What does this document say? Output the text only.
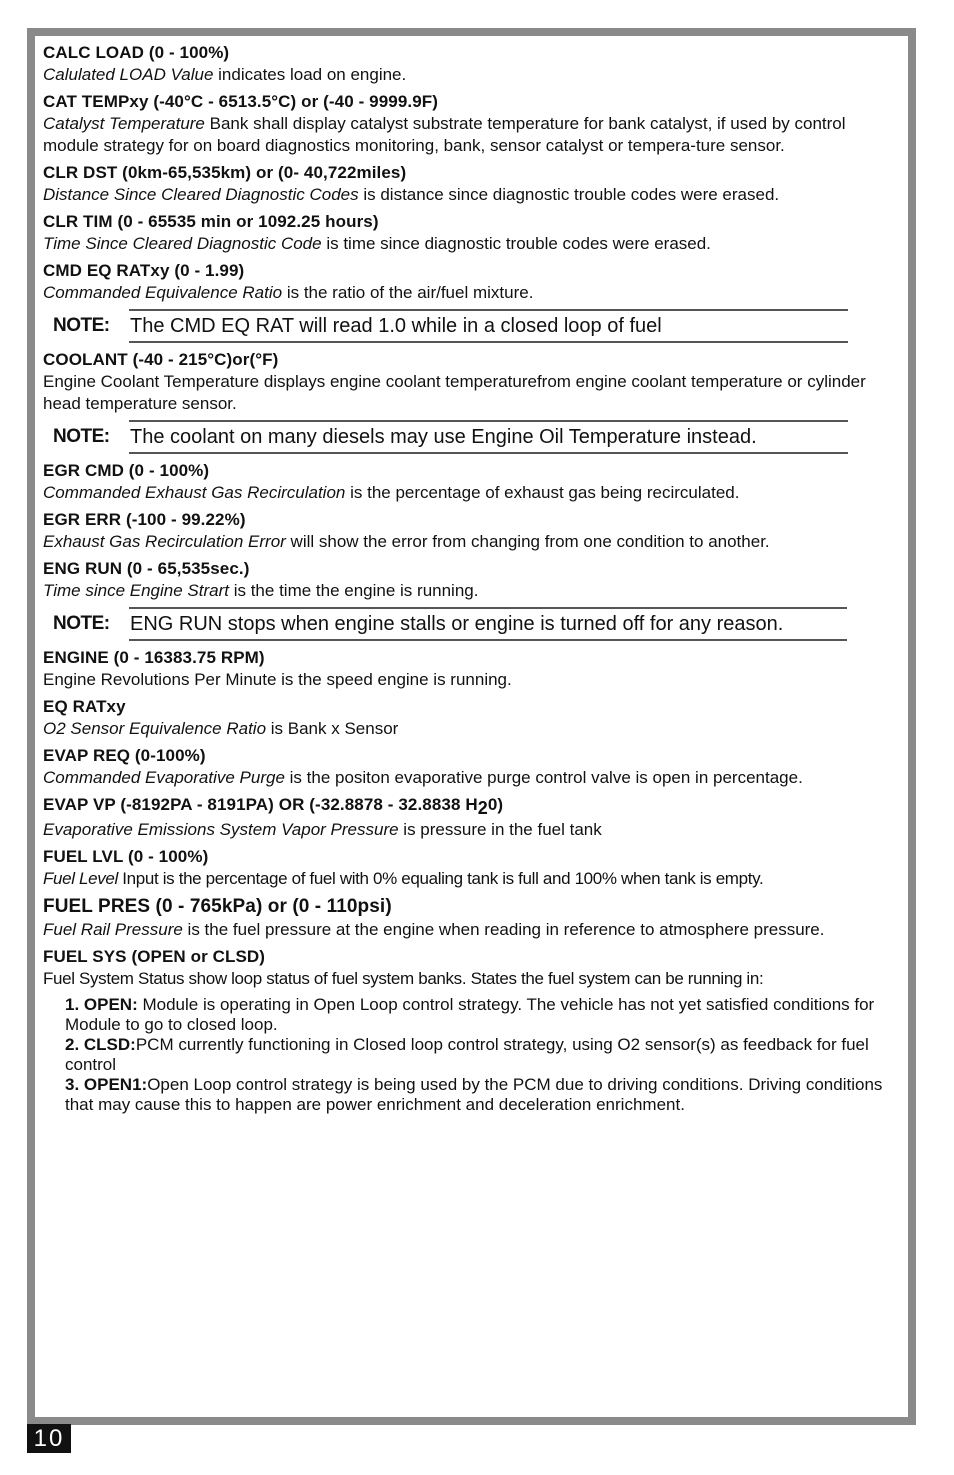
CALC LOAD (0 - 100%)

Calulated LOAD Value indicates load on engine.

CAT TEMPxy (-40°C - 6513.5°C) or (-40 - 9999.9F)

Catalyst Temperature Bank shall display catalyst substrate temperature for bank catalyst, if used by control module strategy for on board diagnostics monitoring, bank, sensor catalyst or tempera-ture sensor.

CLR DST (0km-65,535km) or (0- 40,722miles)

Distance Since Cleared Diagnostic Codes is distance since diagnostic trouble codes were erased.

CLR TIM (0 - 65535 min or 1092.25 hours)

Time Since Cleared Diagnostic Code is time since diagnostic trouble codes were erased.

CMD EQ RATxy (0 - 1.99)

Commanded Equivalence Ratio is the ratio of the air/fuel mixture.

NOTE:	The CMD EQ RAT will read 1.0 while in a closed loop of fuel
COOLANT (-40 - 215°C)or(°F)

Engine Coolant Temperature displays engine coolant temperaturefrom engine coolant temperature or cylinder head temperature sensor.

NOTE:	The coolant on many diesels may use Engine Oil Temperature instead.
EGR CMD (0 - 100%)

Commanded Exhaust Gas Recirculation is the percentage of exhaust gas being recirculated.

EGR ERR (-100 - 99.22%)

Exhaust Gas Recirculation Error will show the error from changing from one condition to another.

ENG RUN (0 - 65,535sec.)

Time since Engine Strart is the time the engine is running.

NOTE:	ENG RUN stops when engine stalls or engine is turned off for any reason.
ENGINE (0 - 16383.75 RPM)

Engine Revolutions Per Minute is the speed engine is running.

EQ RATxy

O2 Sensor Equivalence Ratio is Bank x Sensor

EVAP REQ (0-100%)

Commanded Evaporative Purge is the positon evaporative purge control valve is open in percentage.

EVAP VP (-8192PA - 8191PA) OR (-32.8878 - 32.8838 $H_20$)

Evaporative Emissions System Vapor Pressure is pressure in the fuel tank

FUEL LVL (0 - 100%)

Fuel Level Input is the percentage of fuel with 0% equaling tank is full and 100% when tank is empty.

FUEL PRES (0 - 765kPa) or (0 - 110psi)

Fuel Rail Pressure is the fuel pressure at the engine when reading in reference to atmosphere pressure.

FUEL SYS (OPEN or CLSD)

Fuel System Status show loop status of fuel system banks. States the fuel system can be running in:

1. OPEN: Module is operating in Open Loop control strategy. The vehicle has not yet satisfied conditions for Module to go to closed loop.
2. CLSD:PCM currently functioning in Closed loop control strategy, using O2 sensor(s) as feedback for fuel control
3. OPEN1:Open Loop control strategy is being used by the PCM due to driving conditions. Driving conditions that may cause this to happen are power enrichment and deceleration enrichment.
10
